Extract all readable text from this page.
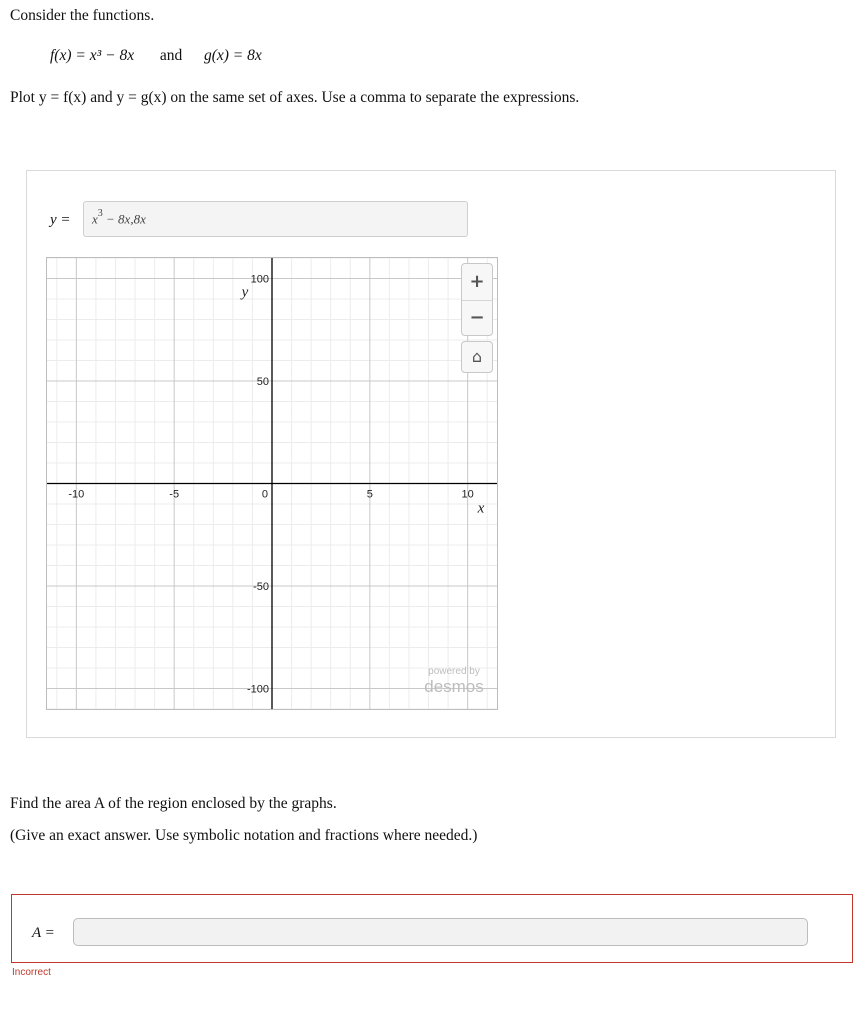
Consider the functions.
f(x) = x³ − 8x and g(x) = 8x
Plot y = f(x) and y = g(x) on the same set of axes. Use a comma to separate the expressions.
$y = x^3 - 8x,8x$
-10	-5	0	5	10
100
50
-50
-100
x
y
+
−
⌂
powered by
desmos
Find the area A of the region enclosed by the graphs.
(Give an exact answer. Use symbolic notation and fractions where needed.)
A =
Incorrect
